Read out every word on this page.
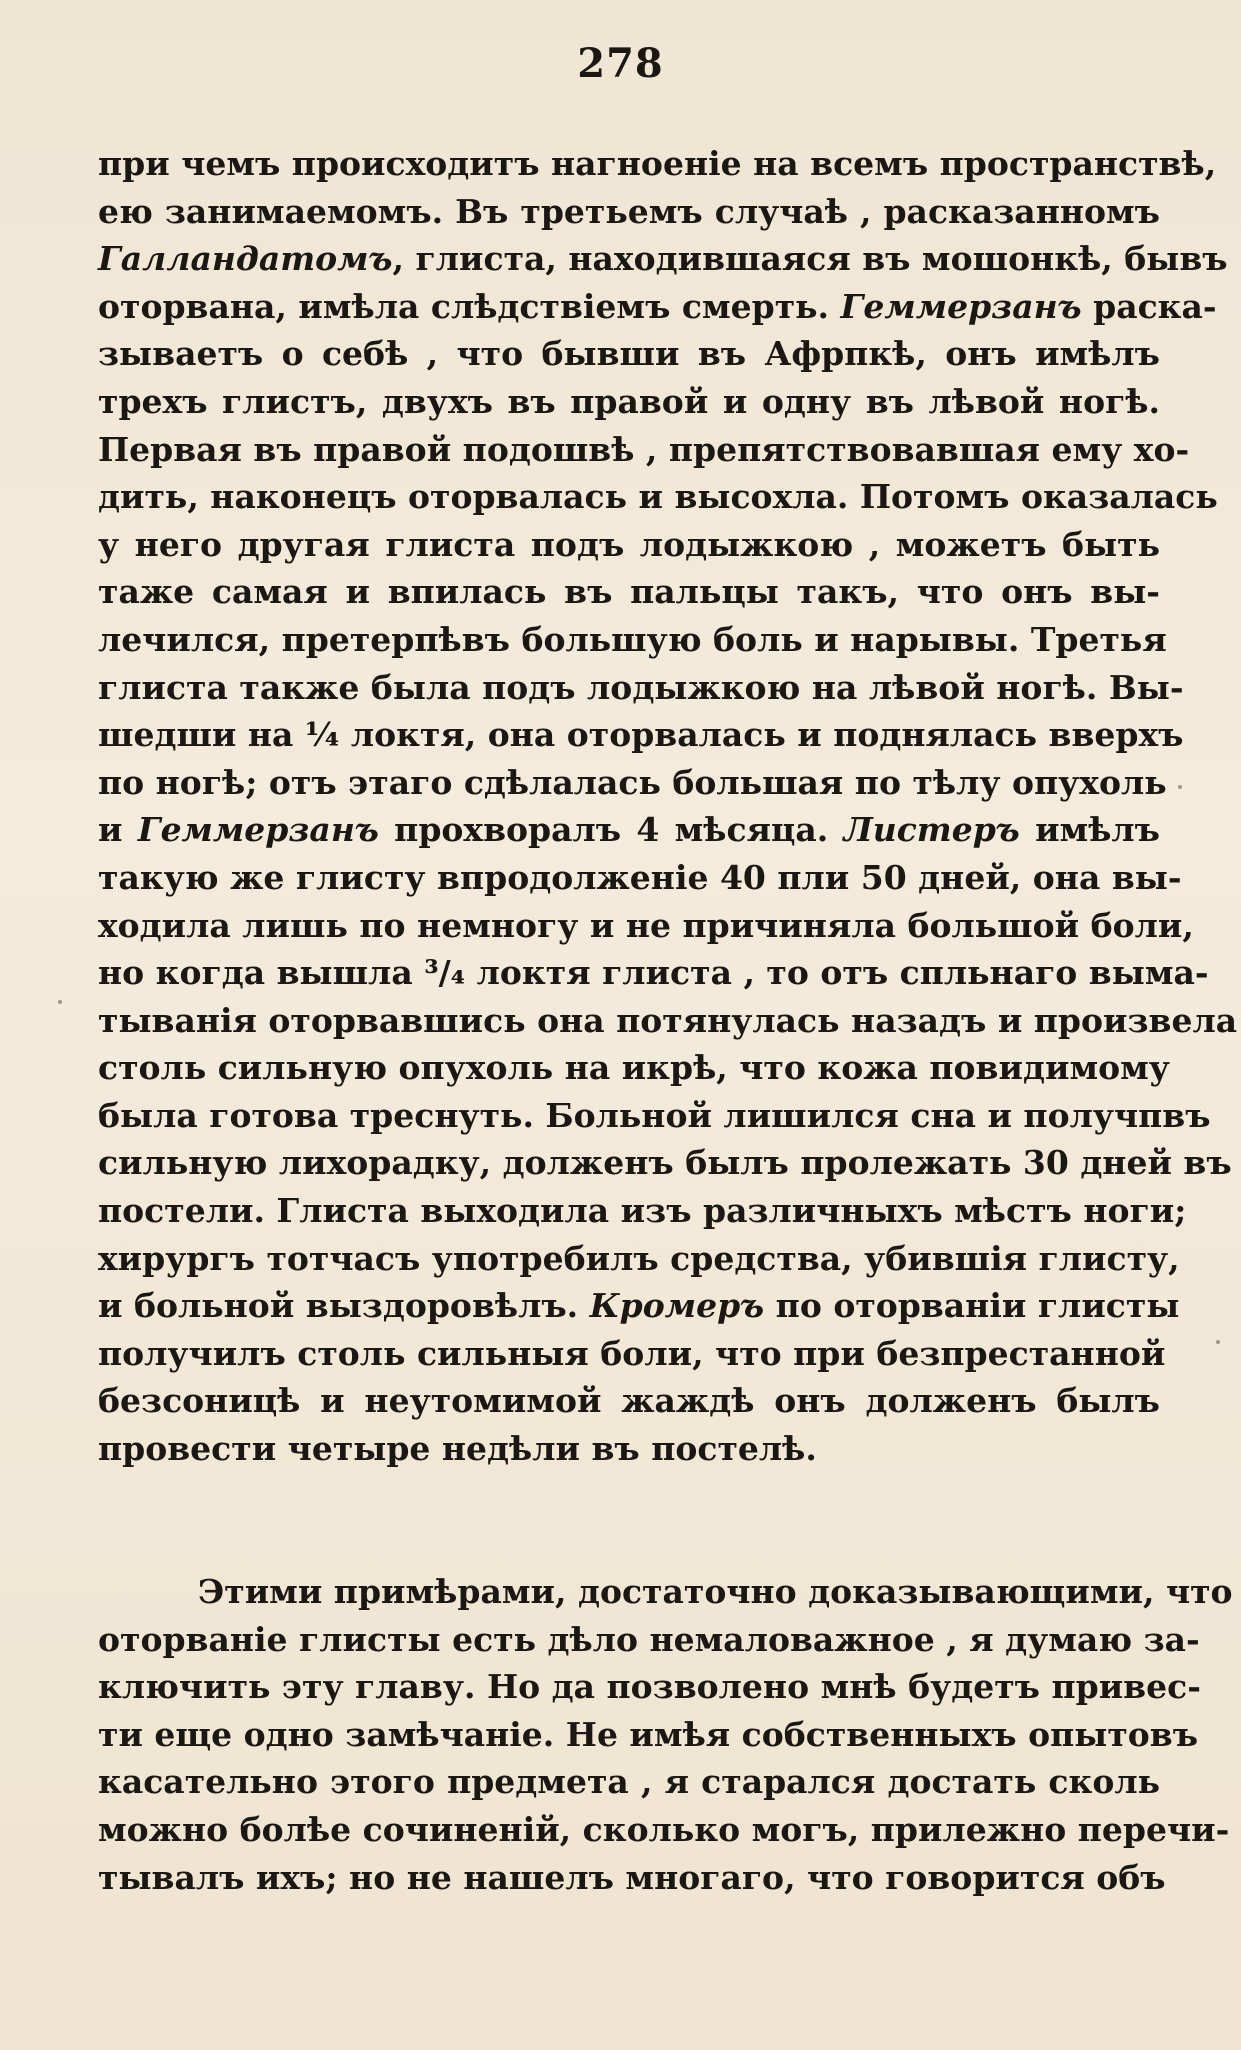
278
при чемъ происходитъ нагноеніе на всемъ пространствѣ,
ею занимаемомъ. Въ третьемъ случаѣ , расказанномъ
Галландатомъ, глиста, находившаяся въ мошонкѣ, бывъ
оторвана, имѣла слѣдствіемъ смерть. Геммерзанъ раска-
зываетъ о себѣ , что бывши въ Афрпкѣ, онъ имѣлъ
трехъ глистъ, двухъ въ правой и одну въ лѣвой ногѣ.
Первая въ правой подошвѣ , препятствовавшая ему хо-
дить, наконецъ оторвалась и высохла. Потомъ оказалась
у него другая глиста подъ лодыжкою , можетъ быть
таже самая и впилась въ пальцы такъ, что онъ вы-
лечился, претерпѣвъ большую боль и нарывы. Третья
глиста также была подъ лодыжкою на лѣвой ногѣ. Вы-
шедши на ¼ локтя, она оторвалась и поднялась вверхъ
по ногѣ; отъ этаго сдѣлалась большая по тѣлу опухоль
и Геммерзанъ прохворалъ 4 мѣсяца. Листеръ имѣлъ
такую же глисту впродолженіе 40 пли 50 дней, она вы-
ходила лишь по немногу и не причиняла большой боли,
но когда вышла ³/₄ локтя глиста , то отъ спльнаго выма-
тыванія оторвавшись она потянулась назадъ и произвела
столь сильную опухоль на икрѣ, что кожа повидимому
была готова треснуть. Больной лишился сна и получпвъ
сильную лихорадку, долженъ былъ пролежать 30 дней въ
постели. Глиста выходила изъ различныхъ мѣстъ ноги;
хирургъ тотчасъ употребилъ средства, убившія глисту,
и больной выздоровѣлъ. Кромеръ по оторваніи глисты
получилъ столь сильныя боли, что при безпрестанной
безсоницѣ и неутомимой жаждѣ онъ долженъ былъ
провести четыре недѣли въ постелѣ.
Этими примѣрами, достаточно доказывающими, что
оторваніе глисты есть дѣло немаловажное , я думаю за-
ключить эту главу. Но да позволено мнѣ будетъ привес-
ти еще одно замѣчаніе. Не имѣя собственныхъ опытовъ
касательно этого предмета , я старался достать сколь
можно болѣе сочиненій, сколько могъ, прилежно перечи-
тывалъ ихъ; но не нашелъ многаго, что говорится объ
